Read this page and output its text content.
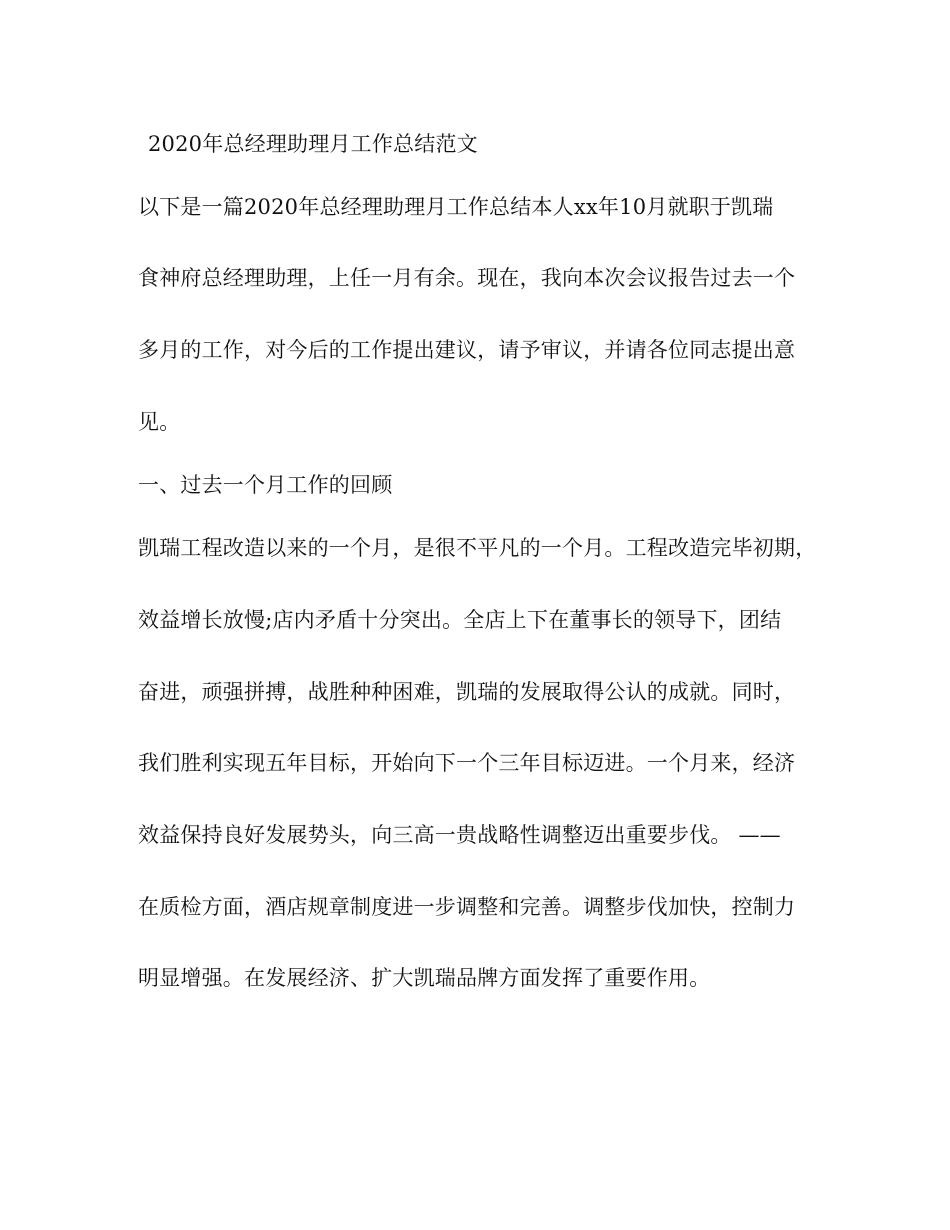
2020年总经理助理月工作总结范文
以下是一篇2020年总经理助理月工作总结本人xx年10月就职于凯瑞
食神府总经理助理，上任一月有余。现在，我向本次会议报告过去一个
多月的工作，对今后的工作提出建议，请予审议，并请各位同志提出意
见。
一、过去一个月工作的回顾
凯瑞工程改造以来的一个月，是很不平凡的一个月。工程改造完毕初期，
效益增长放慢;店内矛盾十分突出。全店上下在董事长的领导下，团结
奋进，顽强拼搏，战胜种种困难，凯瑞的发展取得公认的成就。同时，
我们胜利实现五年目标，开始向下一个三年目标迈进。一个月来，经济
效益保持良好发展势头，向三高一贵战略性调整迈出重要步伐。 ——
在质检方面，酒店规章制度进一步调整和完善。调整步伐加快，控制力
明显增强。在发展经济、扩大凯瑞品牌方面发挥了重要作用。
